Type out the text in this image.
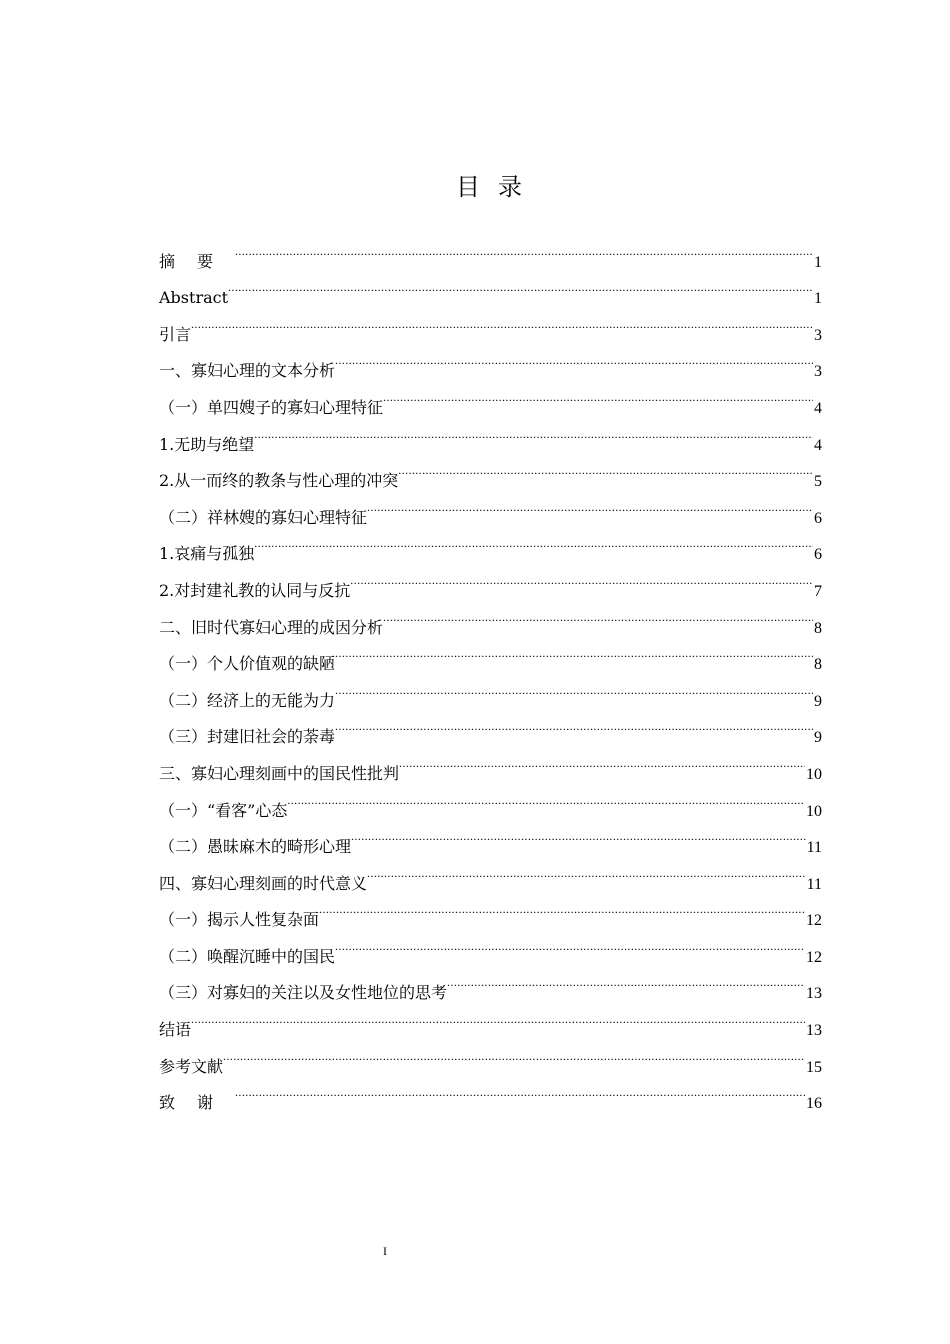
目录
摘要 .....	1
Abstract .....	1
引言 .....	3
一、寡妇心理的文本分析 .....	3
（一）单四嫂子的寡妇心理特征 .....	4
1.无助与绝望 .....	4
2.从一而终的教条与性心理的冲突 .....	5
（二）祥林嫂的寡妇心理特征 .....	6
1.哀痛与孤独 .....	6
2.对封建礼教的认同与反抗 .....	7
二、旧时代寡妇心理的成因分析 .....	8
（一）个人价值观的缺陋 .....	8
（二）经济上的无能为力 .....	9
（三）封建旧社会的荼毒 .....	9
三、寡妇心理刻画中的国民性批判 .....	10
（一）“看客”心态 .....	10
（二）愚昧麻木的畸形心理 .....	11
四、寡妇心理刻画的时代意义 .....	11
（一）揭示人性复杂面 .....	12
（二）唤醒沉睡中的国民 .....	12
（三）对寡妇的关注以及女性地位的思考 .....	13
结语 .....	13
参考文献 .....	15
致谢 .....	16
I
